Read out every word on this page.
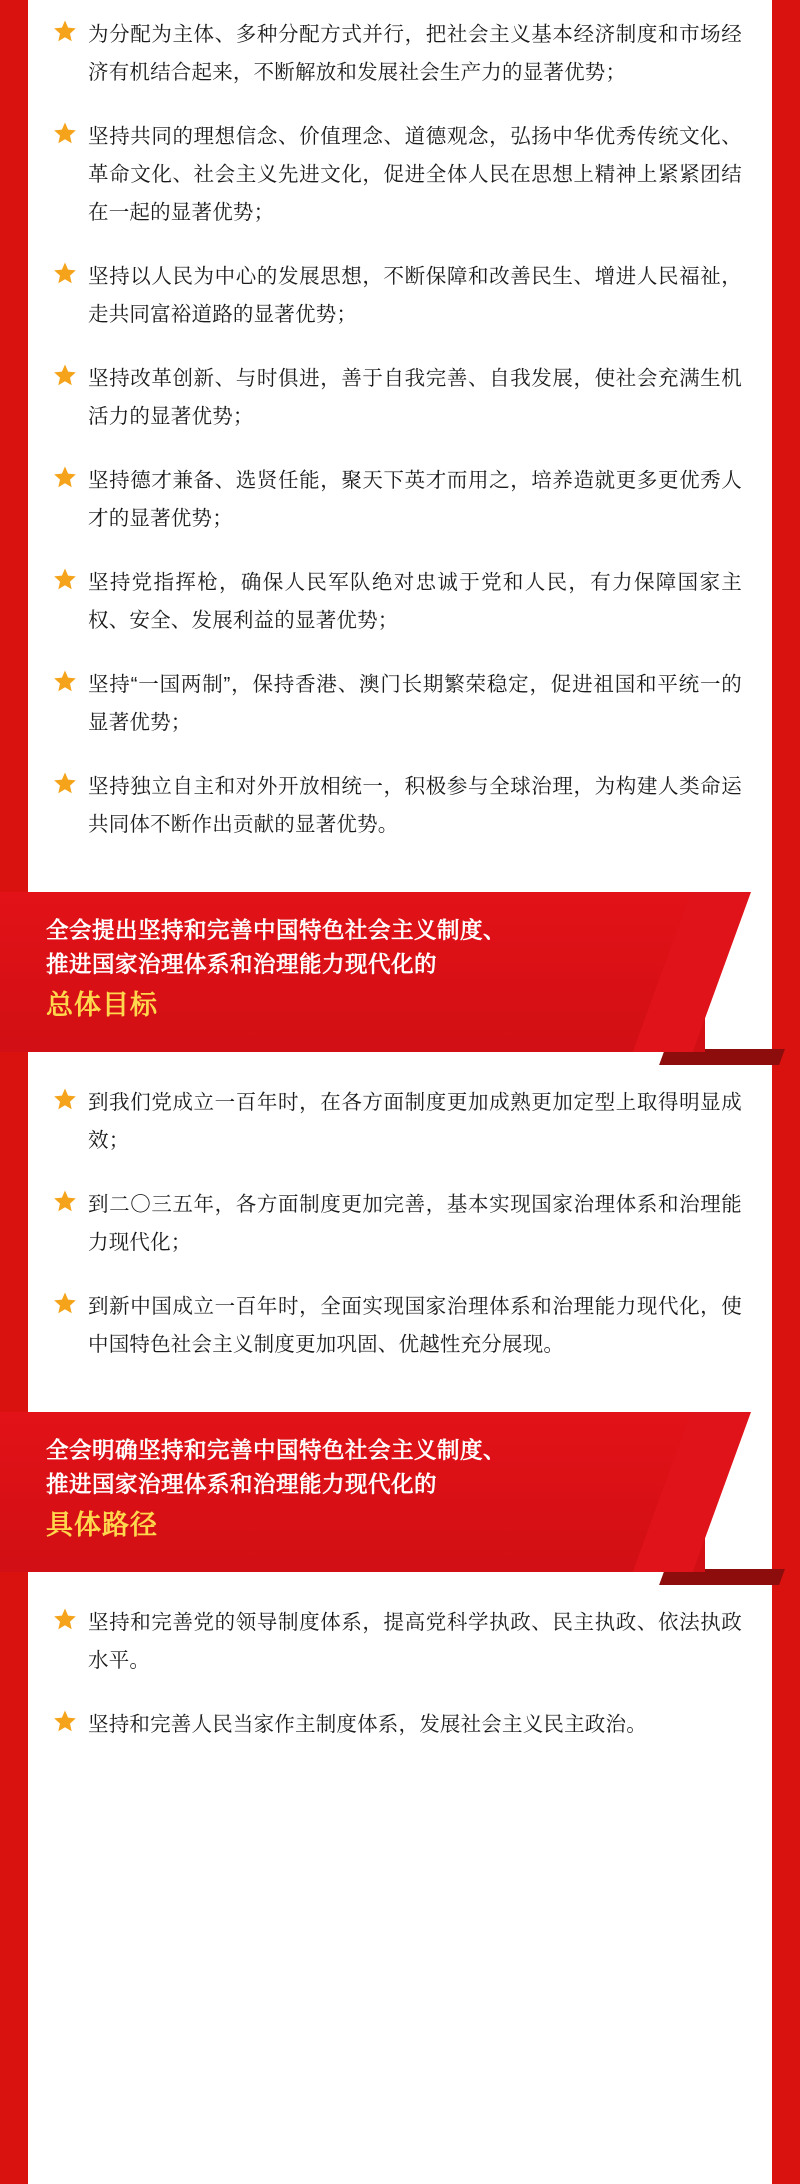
为分配为主体、多种分配方式并行，把社会主义基本经济制度和市场经济有机结合起来，不断解放和发展社会生产力的显著优势；
坚持共同的理想信念、价值理念、道德观念，弘扬中华优秀传统文化、革命文化、社会主义先进文化，促进全体人民在思想上精神上紧紧团结在一起的显著优势；
坚持以人民为中心的发展思想，不断保障和改善民生、增进人民福祉，走共同富裕道路的显著优势；
坚持改革创新、与时俱进，善于自我完善、自我发展，使社会充满生机活力的显著优势；
坚持德才兼备、选贤任能，聚天下英才而用之，培养造就更多更优秀人才的显著优势；
坚持党指挥枪，确保人民军队绝对忠诚于党和人民，有力保障国家主权、安全、发展利益的显著优势；
坚持“一国两制”，保持香港、澳门长期繁荣稳定，促进祖国和平统一的显著优势；
坚持独立自主和对外开放相统一，积极参与全球治理，为构建人类命运共同体不断作出贡献的显著优势。
全会提出坚持和完善中国特色社会主义制度、
推进国家治理体系和治理能力现代化的
总体目标
到我们党成立一百年时，在各方面制度更加成熟更加定型上取得明显成效；
到二〇三五年，各方面制度更加完善，基本实现国家治理体系和治理能力现代化；
到新中国成立一百年时，全面实现国家治理体系和治理能力现代化，使中国特色社会主义制度更加巩固、优越性充分展现。
全会明确坚持和完善中国特色社会主义制度、
推进国家治理体系和治理能力现代化的
具体路径
坚持和完善党的领导制度体系，提高党科学执政、民主执政、依法执政水平。
坚持和完善人民当家作主制度体系，发展社会主义民主政治。
